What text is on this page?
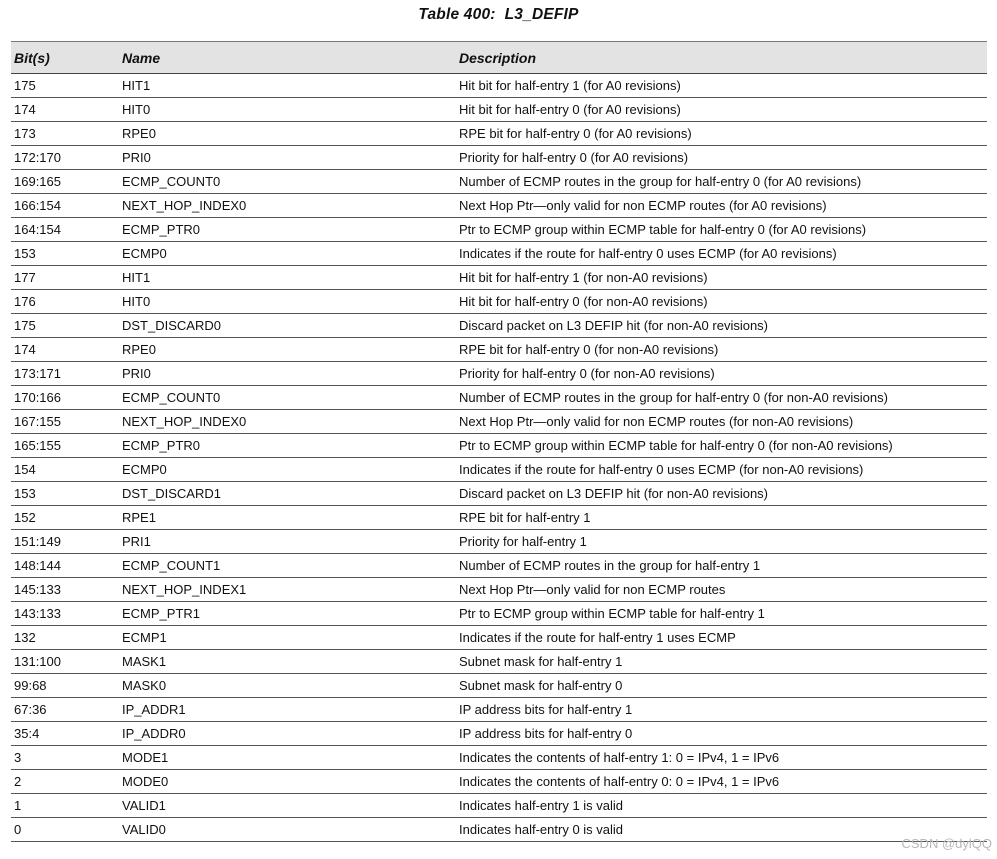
Table 400:  L3_DEFIP
Bit(s)	Name	Description
175	HIT1	Hit bit for half-entry 1 (for A0 revisions)
174	HIT0	Hit bit for half-entry 0 (for A0 revisions)
173	RPE0	RPE bit for half-entry 0 (for A0 revisions)
172:170	PRI0	Priority for half-entry 0 (for A0 revisions)
169:165	ECMP_COUNT0	Number of ECMP routes in the group for half-entry 0 (for A0 revisions)
166:154	NEXT_HOP_INDEX0	Next Hop Ptr—only valid for non ECMP routes (for A0 revisions)
164:154	ECMP_PTR0	Ptr to ECMP group within ECMP table for half-entry 0 (for A0 revisions)
153	ECMP0	Indicates if the route for half-entry 0 uses ECMP (for A0 revisions)
177	HIT1	Hit bit for half-entry 1 (for non-A0 revisions)
176	HIT0	Hit bit for half-entry 0 (for non-A0 revisions)
175	DST_DISCARD0	Discard packet on L3 DEFIP hit (for non-A0 revisions)
174	RPE0	RPE bit for half-entry 0 (for non-A0 revisions)
173:171	PRI0	Priority for half-entry 0 (for non-A0 revisions)
170:166	ECMP_COUNT0	Number of ECMP routes in the group for half-entry 0 (for non-A0 revisions)
167:155	NEXT_HOP_INDEX0	Next Hop Ptr—only valid for non ECMP routes (for non-A0 revisions)
165:155	ECMP_PTR0	Ptr to ECMP group within ECMP table for half-entry 0 (for non-A0 revisions)
154	ECMP0	Indicates if the route for half-entry 0 uses ECMP (for non-A0 revisions)
153	DST_DISCARD1	Discard packet on L3 DEFIP hit (for non-A0 revisions)
152	RPE1	RPE bit for half-entry 1
151:149	PRI1	Priority for half-entry 1
148:144	ECMP_COUNT1	Number of ECMP routes in the group for half-entry 1
145:133	NEXT_HOP_INDEX1	Next Hop Ptr—only valid for non ECMP routes
143:133	ECMP_PTR1	Ptr to ECMP group within ECMP table for half-entry 1
132	ECMP1	Indicates if the route for half-entry 1 uses ECMP
131:100	MASK1	Subnet mask for half-entry 1
99:68	MASK0	Subnet mask for half-entry 0
67:36	IP_ADDR1	IP address bits for half-entry 1
35:4	IP_ADDR0	IP address bits for half-entry 0
3	MODE1	Indicates the contents of half-entry 1: 0 = IPv4, 1 = IPv6
2	MODE0	Indicates the contents of half-entry 0: 0 = IPv4, 1 = IPv6
1	VALID1	Indicates half-entry 1 is valid
0	VALID0	Indicates half-entry 0 is valid
CSDN @dylQQ
